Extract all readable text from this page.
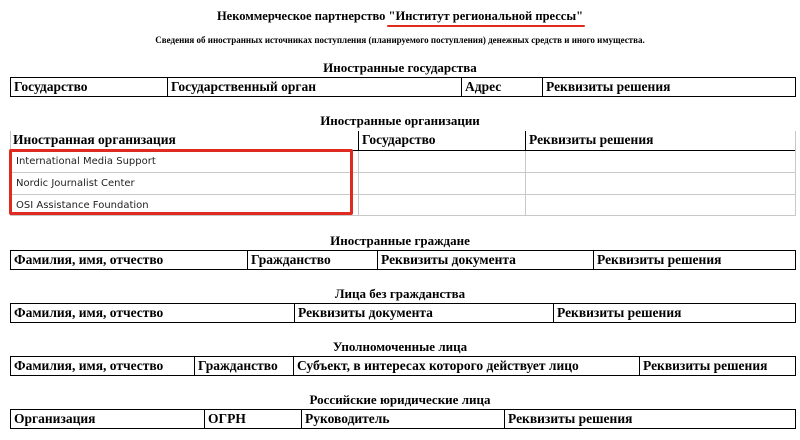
Некоммерческое партнерство "Институт региональной прессы"
Сведения об иностранных источниках поступления (планируемого поступления) денежных средств и иного имущества.
Иностранные государства
Государство	Государственный орган	Адрес	Реквизиты решения
Иностранные организации
Иностранная организация	Государство	Реквизиты решения
International Media Support
Nordic Journalist Center
OSI Assistance Foundation
Иностранные граждане
Фамилия, имя, отчество	Гражданство	Реквизиты документа	Реквизиты решения
Лица без гражданства
Фамилия, имя, отчество	Реквизиты документа	Реквизиты решения
Уполномоченные лица
Фамилия, имя, отчество	Гражданство	Субъект, в интересах которого действует лицо	Реквизиты решения
Российские юридические лица
Организация	ОГРН	Руководитель	Реквизиты решения
